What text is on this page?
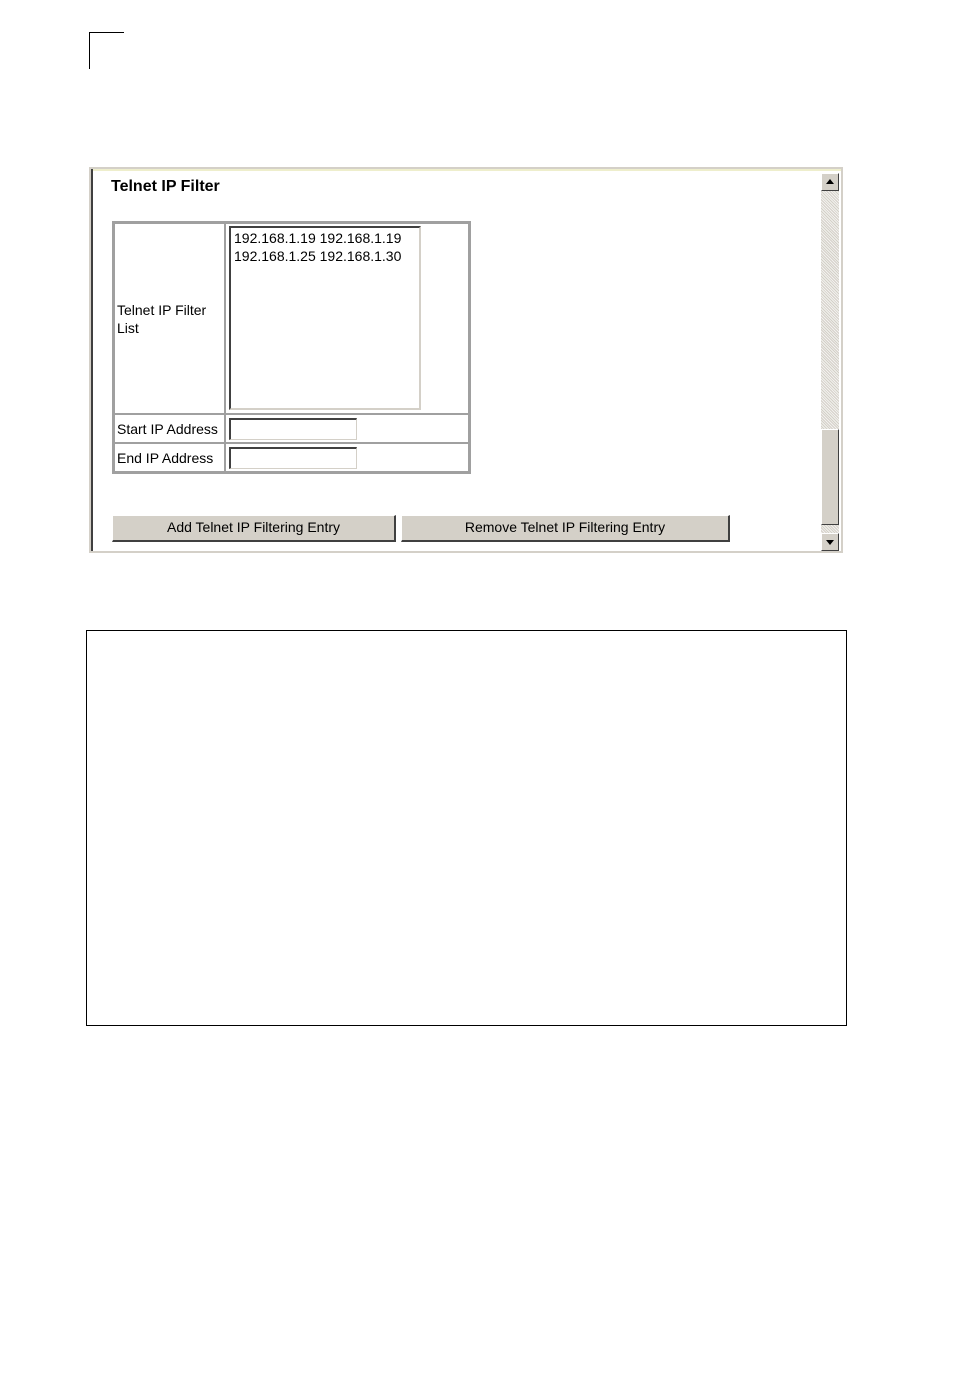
Telnet IP Filter
Telnet IP Filter List	192.168.1.19 192.168.1.19
192.168.1.25 192.168.1.30

Start IP Address	

End IP Address	
Add Telnet IP Filtering Entry	Remove Telnet IP Filtering Entry
